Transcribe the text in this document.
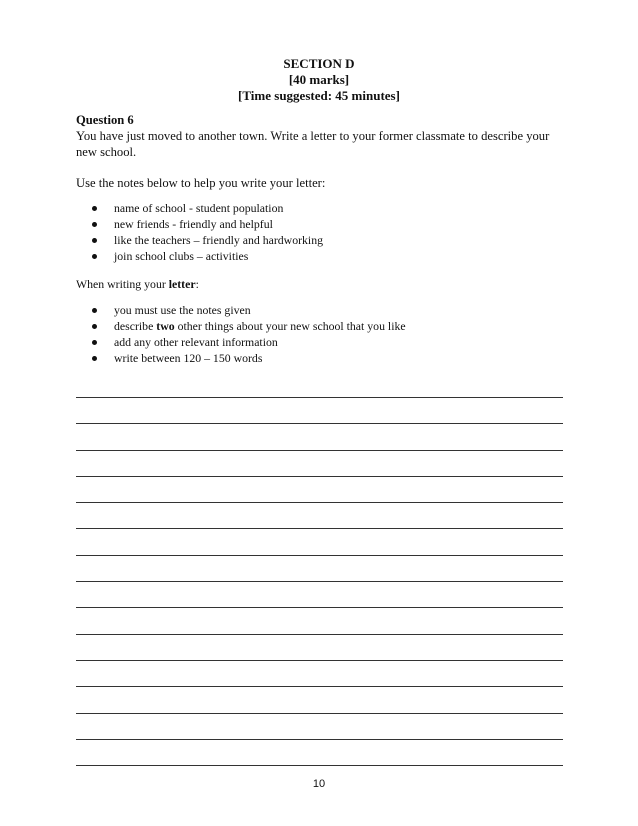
SECTION D
[40 marks]
[Time suggested: 45 minutes]
Question 6
You have just moved to another town. Write a letter to your former classmate to describe your new school.
Use the notes below to help you write your letter:
name of school - student population
new friends - friendly and helpful
like the teachers – friendly and hardworking
join school clubs – activities
When writing your letter:
you must use the notes given
describe two other things about your new school that you like
add any other relevant information
write between 120 – 150 words
10
